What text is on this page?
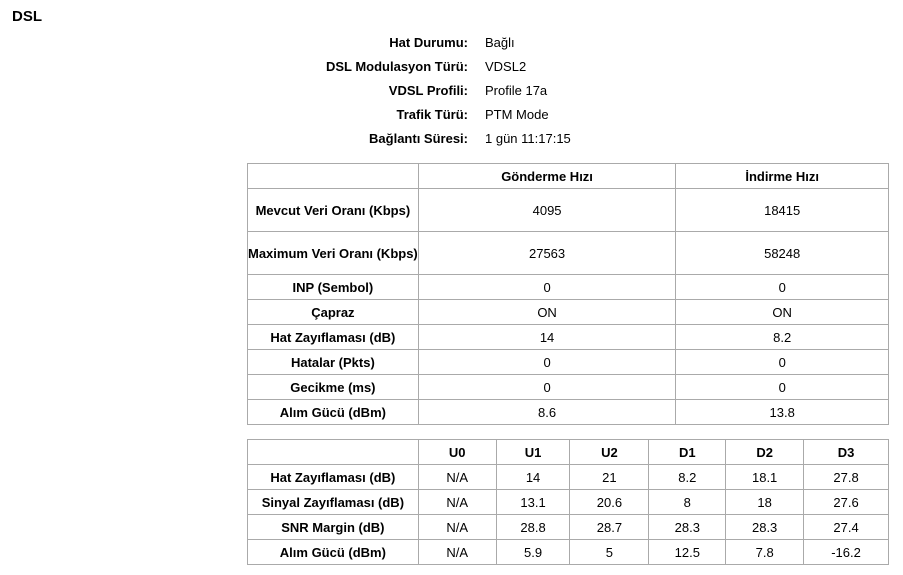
DSL
Hat Durumu:	Bağlı
DSL Modulasyon Türü:	VDSL2
VDSL Profili:	Profile 17a
Trafik Türü:	PTM Mode
Bağlantı Süresi:	1 gün 11:17:15
	Gönderme Hızı	İndirme Hızı
Mevcut Veri Oranı (Kbps)	4095	18415
Maximum Veri Oranı (Kbps)	27563	58248
INP (Sembol)	0	0
Çapraz	ON	ON
Hat Zayıflaması (dB)	14	8.2
Hatalar (Pkts)	0	0
Gecikme (ms)	0	0
Alım Gücü (dBm)	8.6	13.8
	U0	U1	U2	D1	D2	D3
Hat Zayıflaması (dB)	N/A	14	21	8.2	18.1	27.8
Sinyal Zayıflaması (dB)	N/A	13.1	20.6	8	18	27.6
SNR Margin (dB)	N/A	28.8	28.7	28.3	28.3	27.4
Alım Gücü (dBm)	N/A	5.9	5	12.5	7.8	-16.2
